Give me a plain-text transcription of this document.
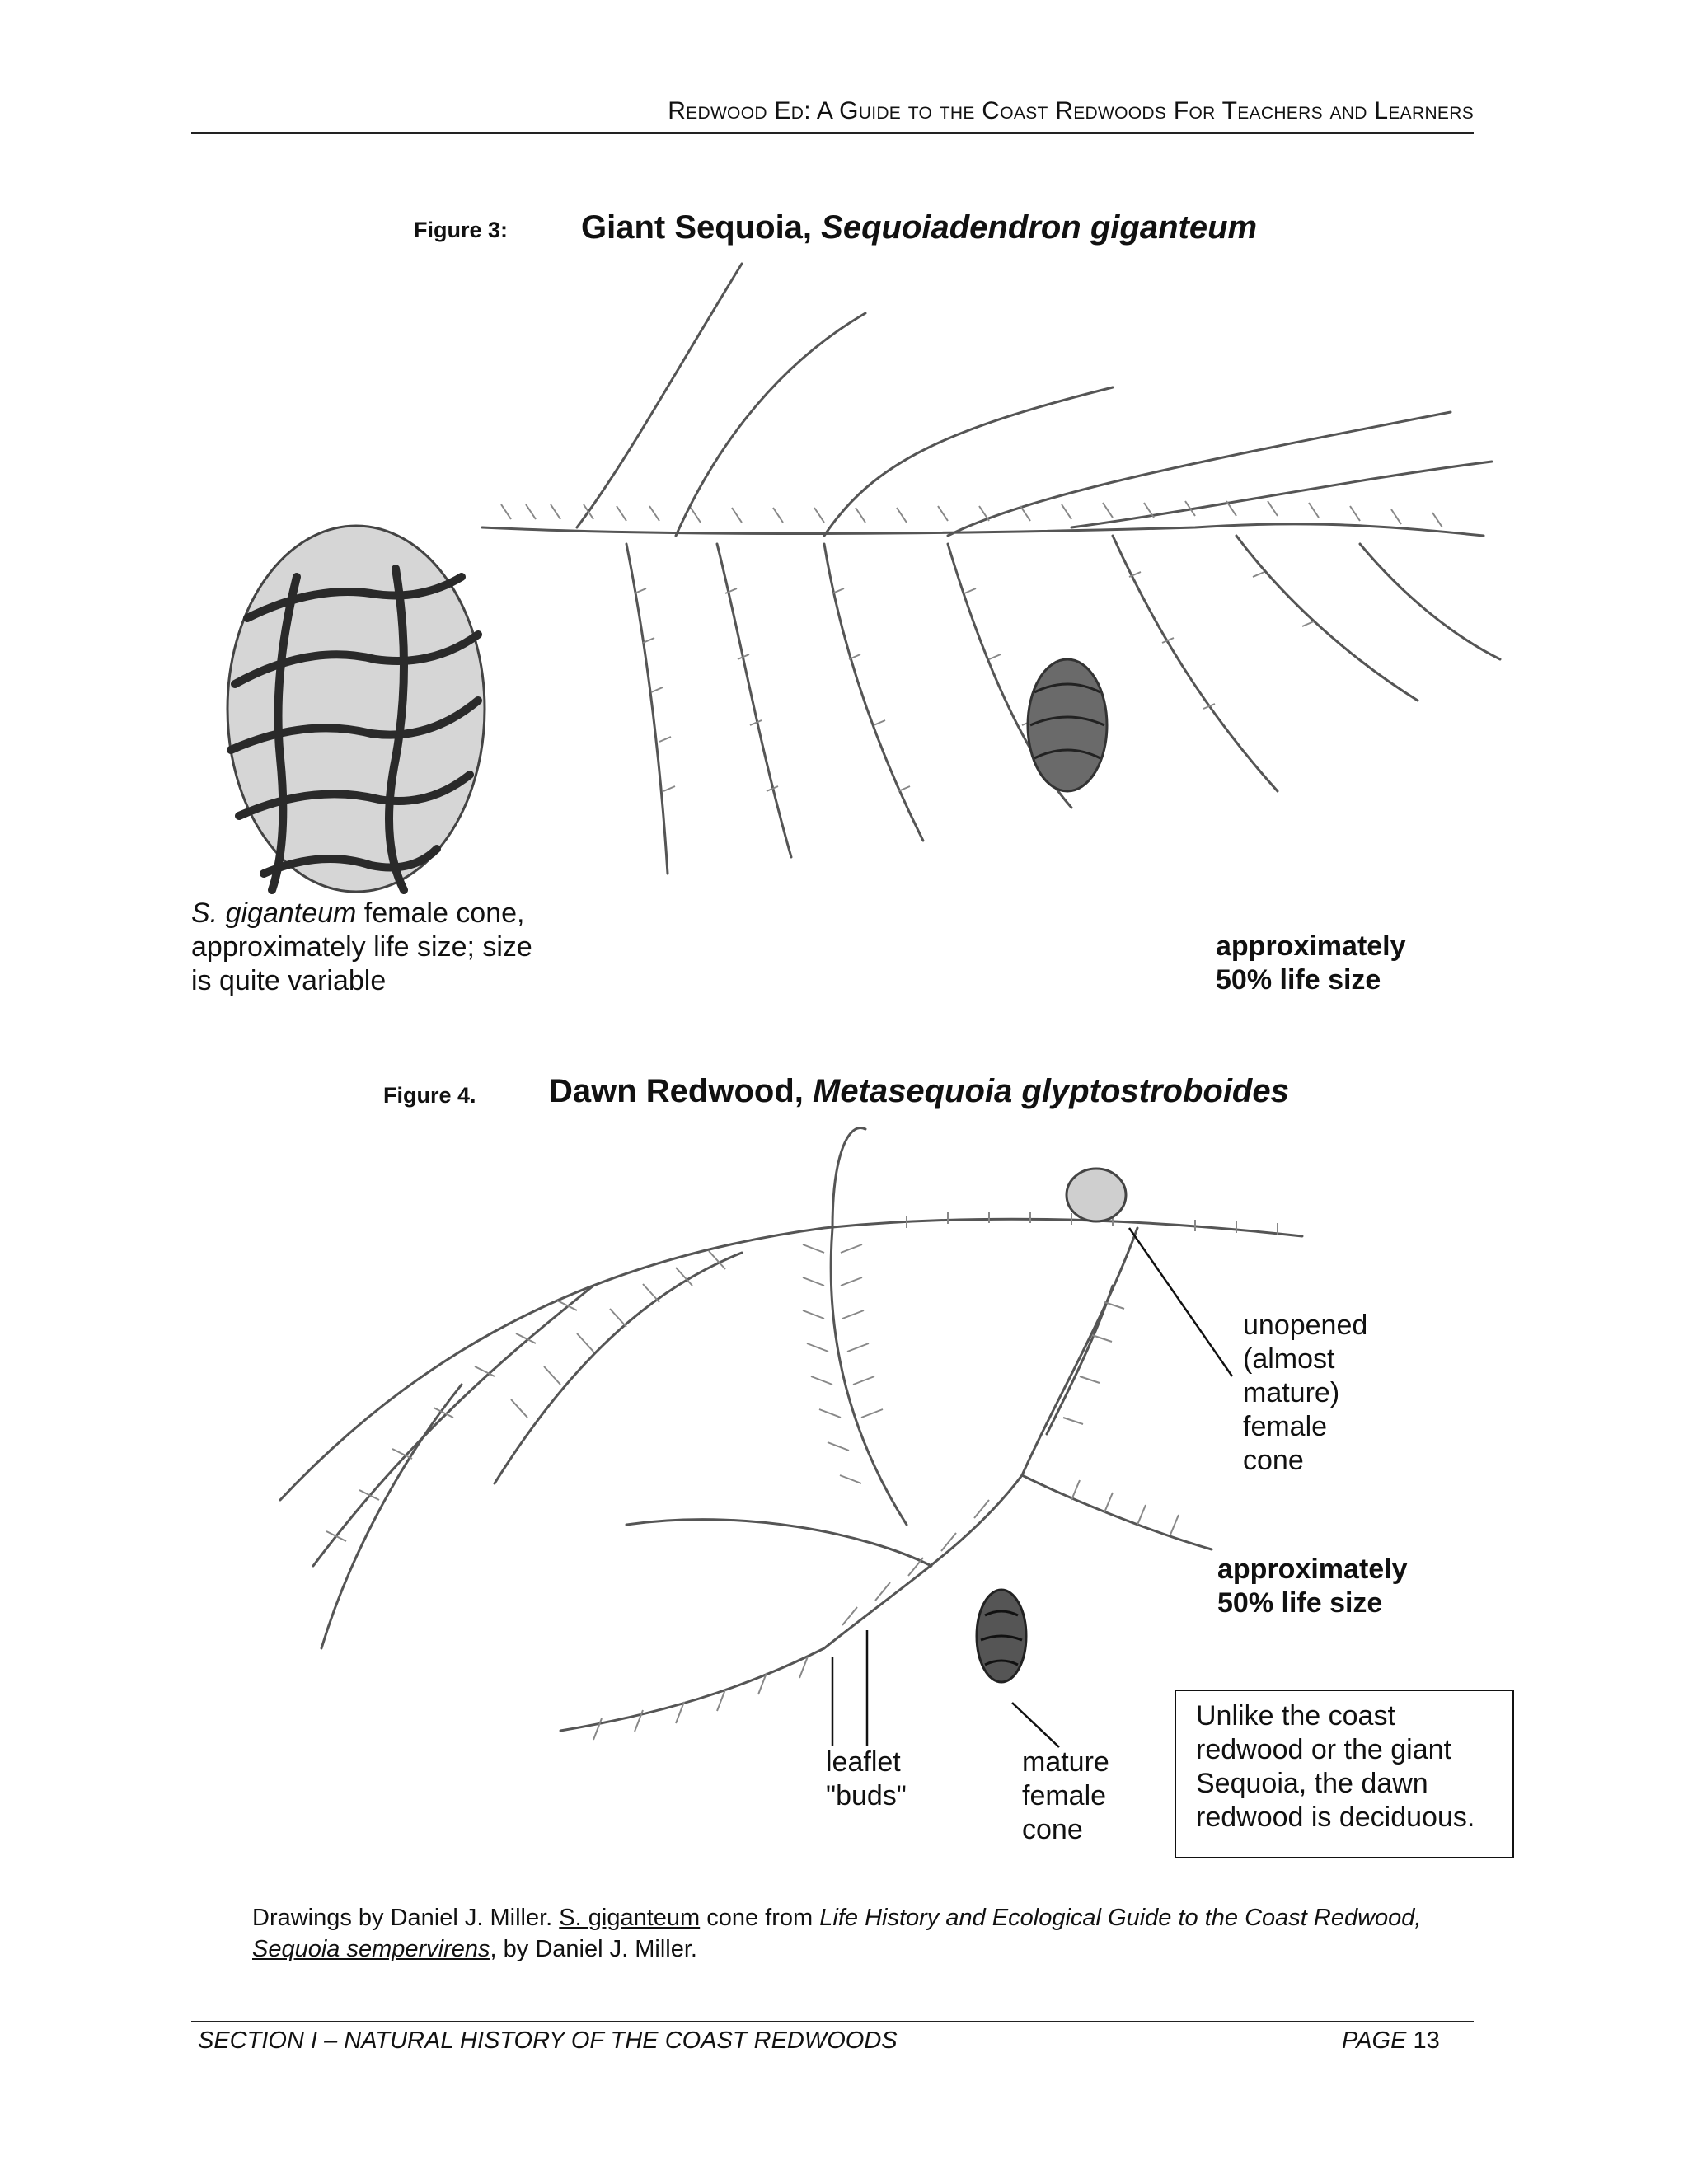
Redwood Ed: A Guide to the Coast Redwoods For Teachers and Learners
Figure 3: Giant Sequoia, Sequoiadendron giganteum
S. giganteum female cone,
approximately life size; size
is quite variable
approximately
50% life size
Figure 4. Dawn Redwood, Metasequoia glyptostroboides
unopened
(almost
mature)
female
cone
approximately
50% life size
leaflet
"buds"
mature
female
cone
Unlike the coast
redwood or the giant
Sequoia, the dawn
redwood is deciduous.
Drawings by Daniel J. Miller. S. giganteum cone from Life History and Ecological Guide to the Coast Redwood,
Sequoia sempervirens, by Daniel J. Miller.
SECTION I – NATURAL HISTORY OF THE COAST REDWOODS	PAGE 13
